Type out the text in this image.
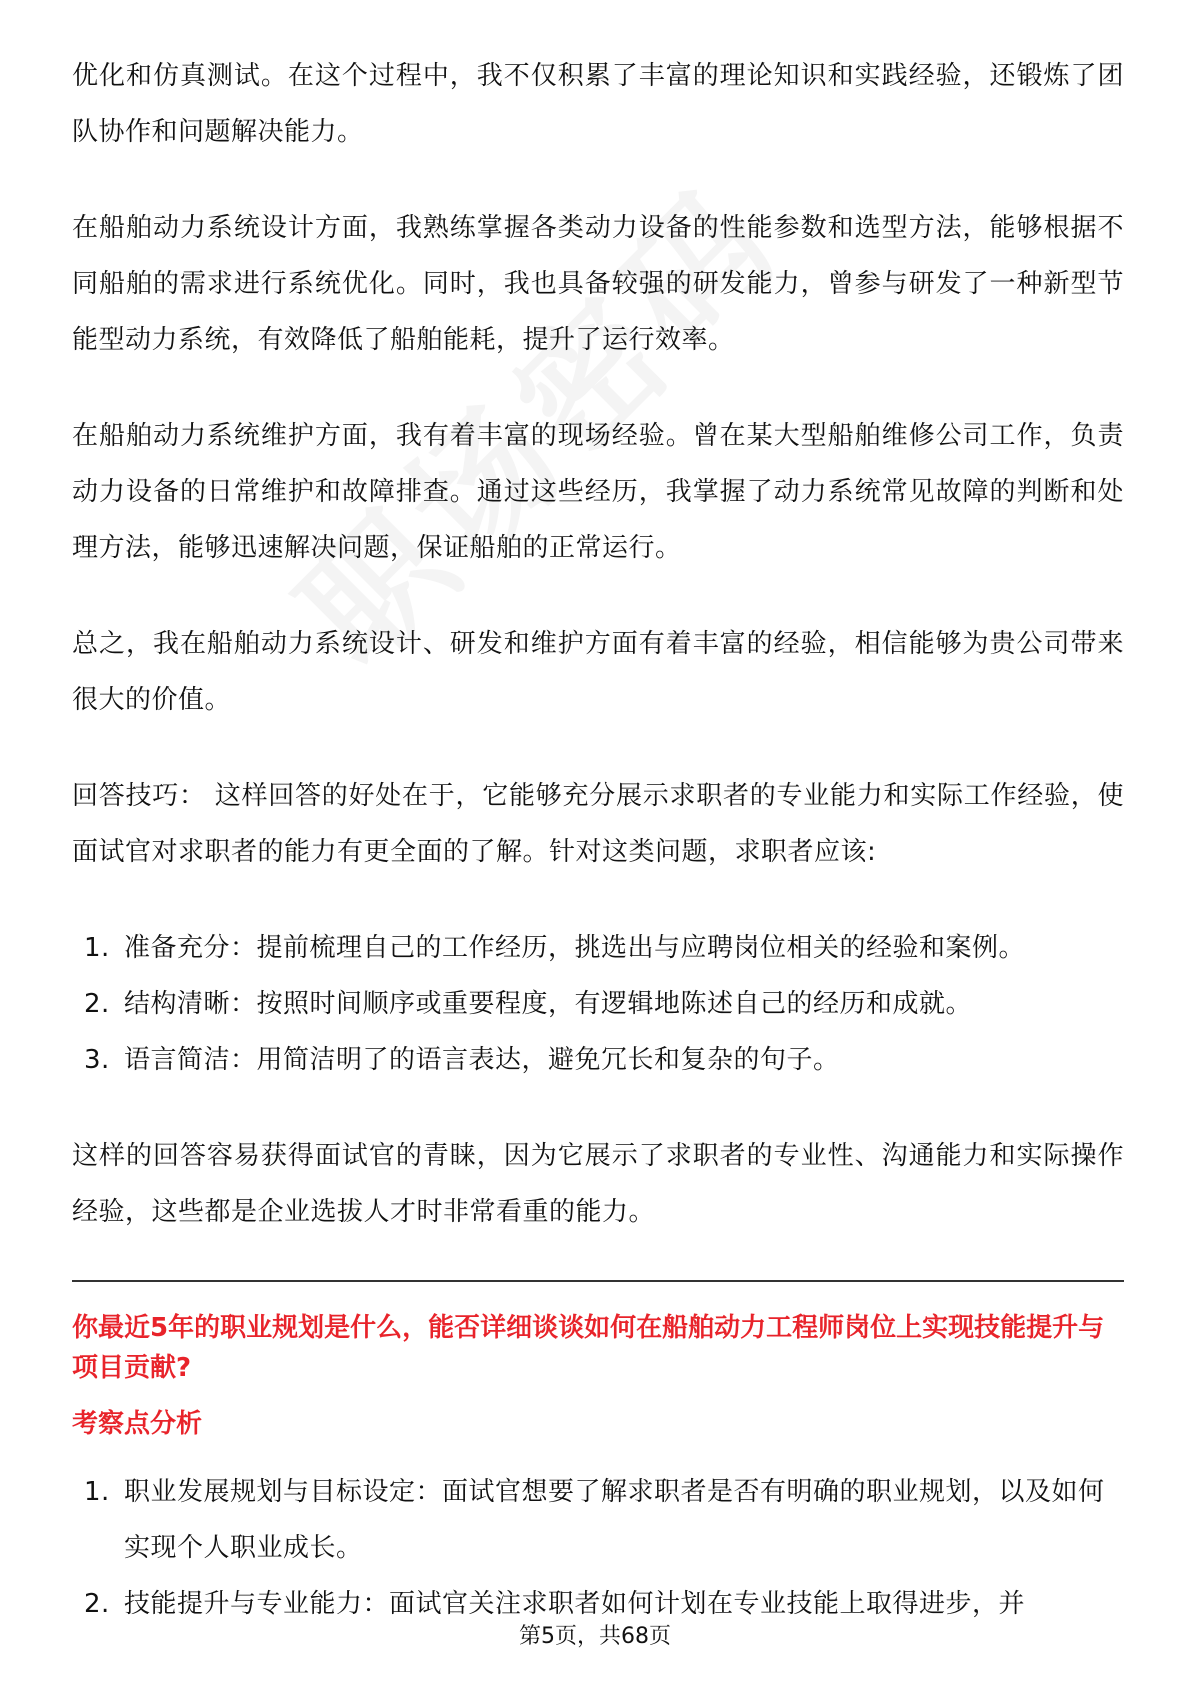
优化和仿真测试。在这个过程中，我不仅积累了丰富的理论知识和实践经验，还锻炼了团队协作和问题解决能力。

在船舶动力系统设计方面，我熟练掌握各类动力设备的性能参数和选型方法，能够根据不同船舶的需求进行系统优化。同时，我也具备较强的研发能力，曾参与研发了一种新型节能型动力系统，有效降低了船舶能耗，提升了运行效率。

在船舶动力系统维护方面，我有着丰富的现场经验。曾在某大型船舶维修公司工作，负责动力设备的日常维护和故障排查。通过这些经历，我掌握了动力系统常见故障的判断和处理方法，能够迅速解决问题，保证船舶的正常运行。

总之，我在船舶动力系统设计、研发和维护方面有着丰富的经验，相信能够为贵公司带来很大的价值。

回答技巧： 这样回答的好处在于，它能够充分展示求职者的专业能力和实际工作经验，使面试官对求职者的能力有更全面的了解。针对这类问题，求职者应该:

1. 准备充分：提前梳理自己的工作经历，挑选出与应聘岗位相关的经验和案例。
2. 结构清晰：按照时间顺序或重要程度，有逻辑地陈述自己的经历和成就。
3. 语言简洁：用简洁明了的语言表达，避免冗长和复杂的句子。

这样的回答容易获得面试官的青睐，因为它展示了求职者的专业性、沟通能力和实际操作经验，这些都是企业选拔人才时非常看重的能力。

你最近5年的职业规划是什么，能否详细谈谈如何在船舶动力工程师岗位上实现技能提升与项目贡献?
考察点分析
1. 职业发展规划与目标设定：面试官想要了解求职者是否有明确的职业规划，以及如何实现个人职业成长。
2. 技能提升与专业能力：面试官关注求职者如何计划在专业技能上取得进步，并
第5页，共68页
